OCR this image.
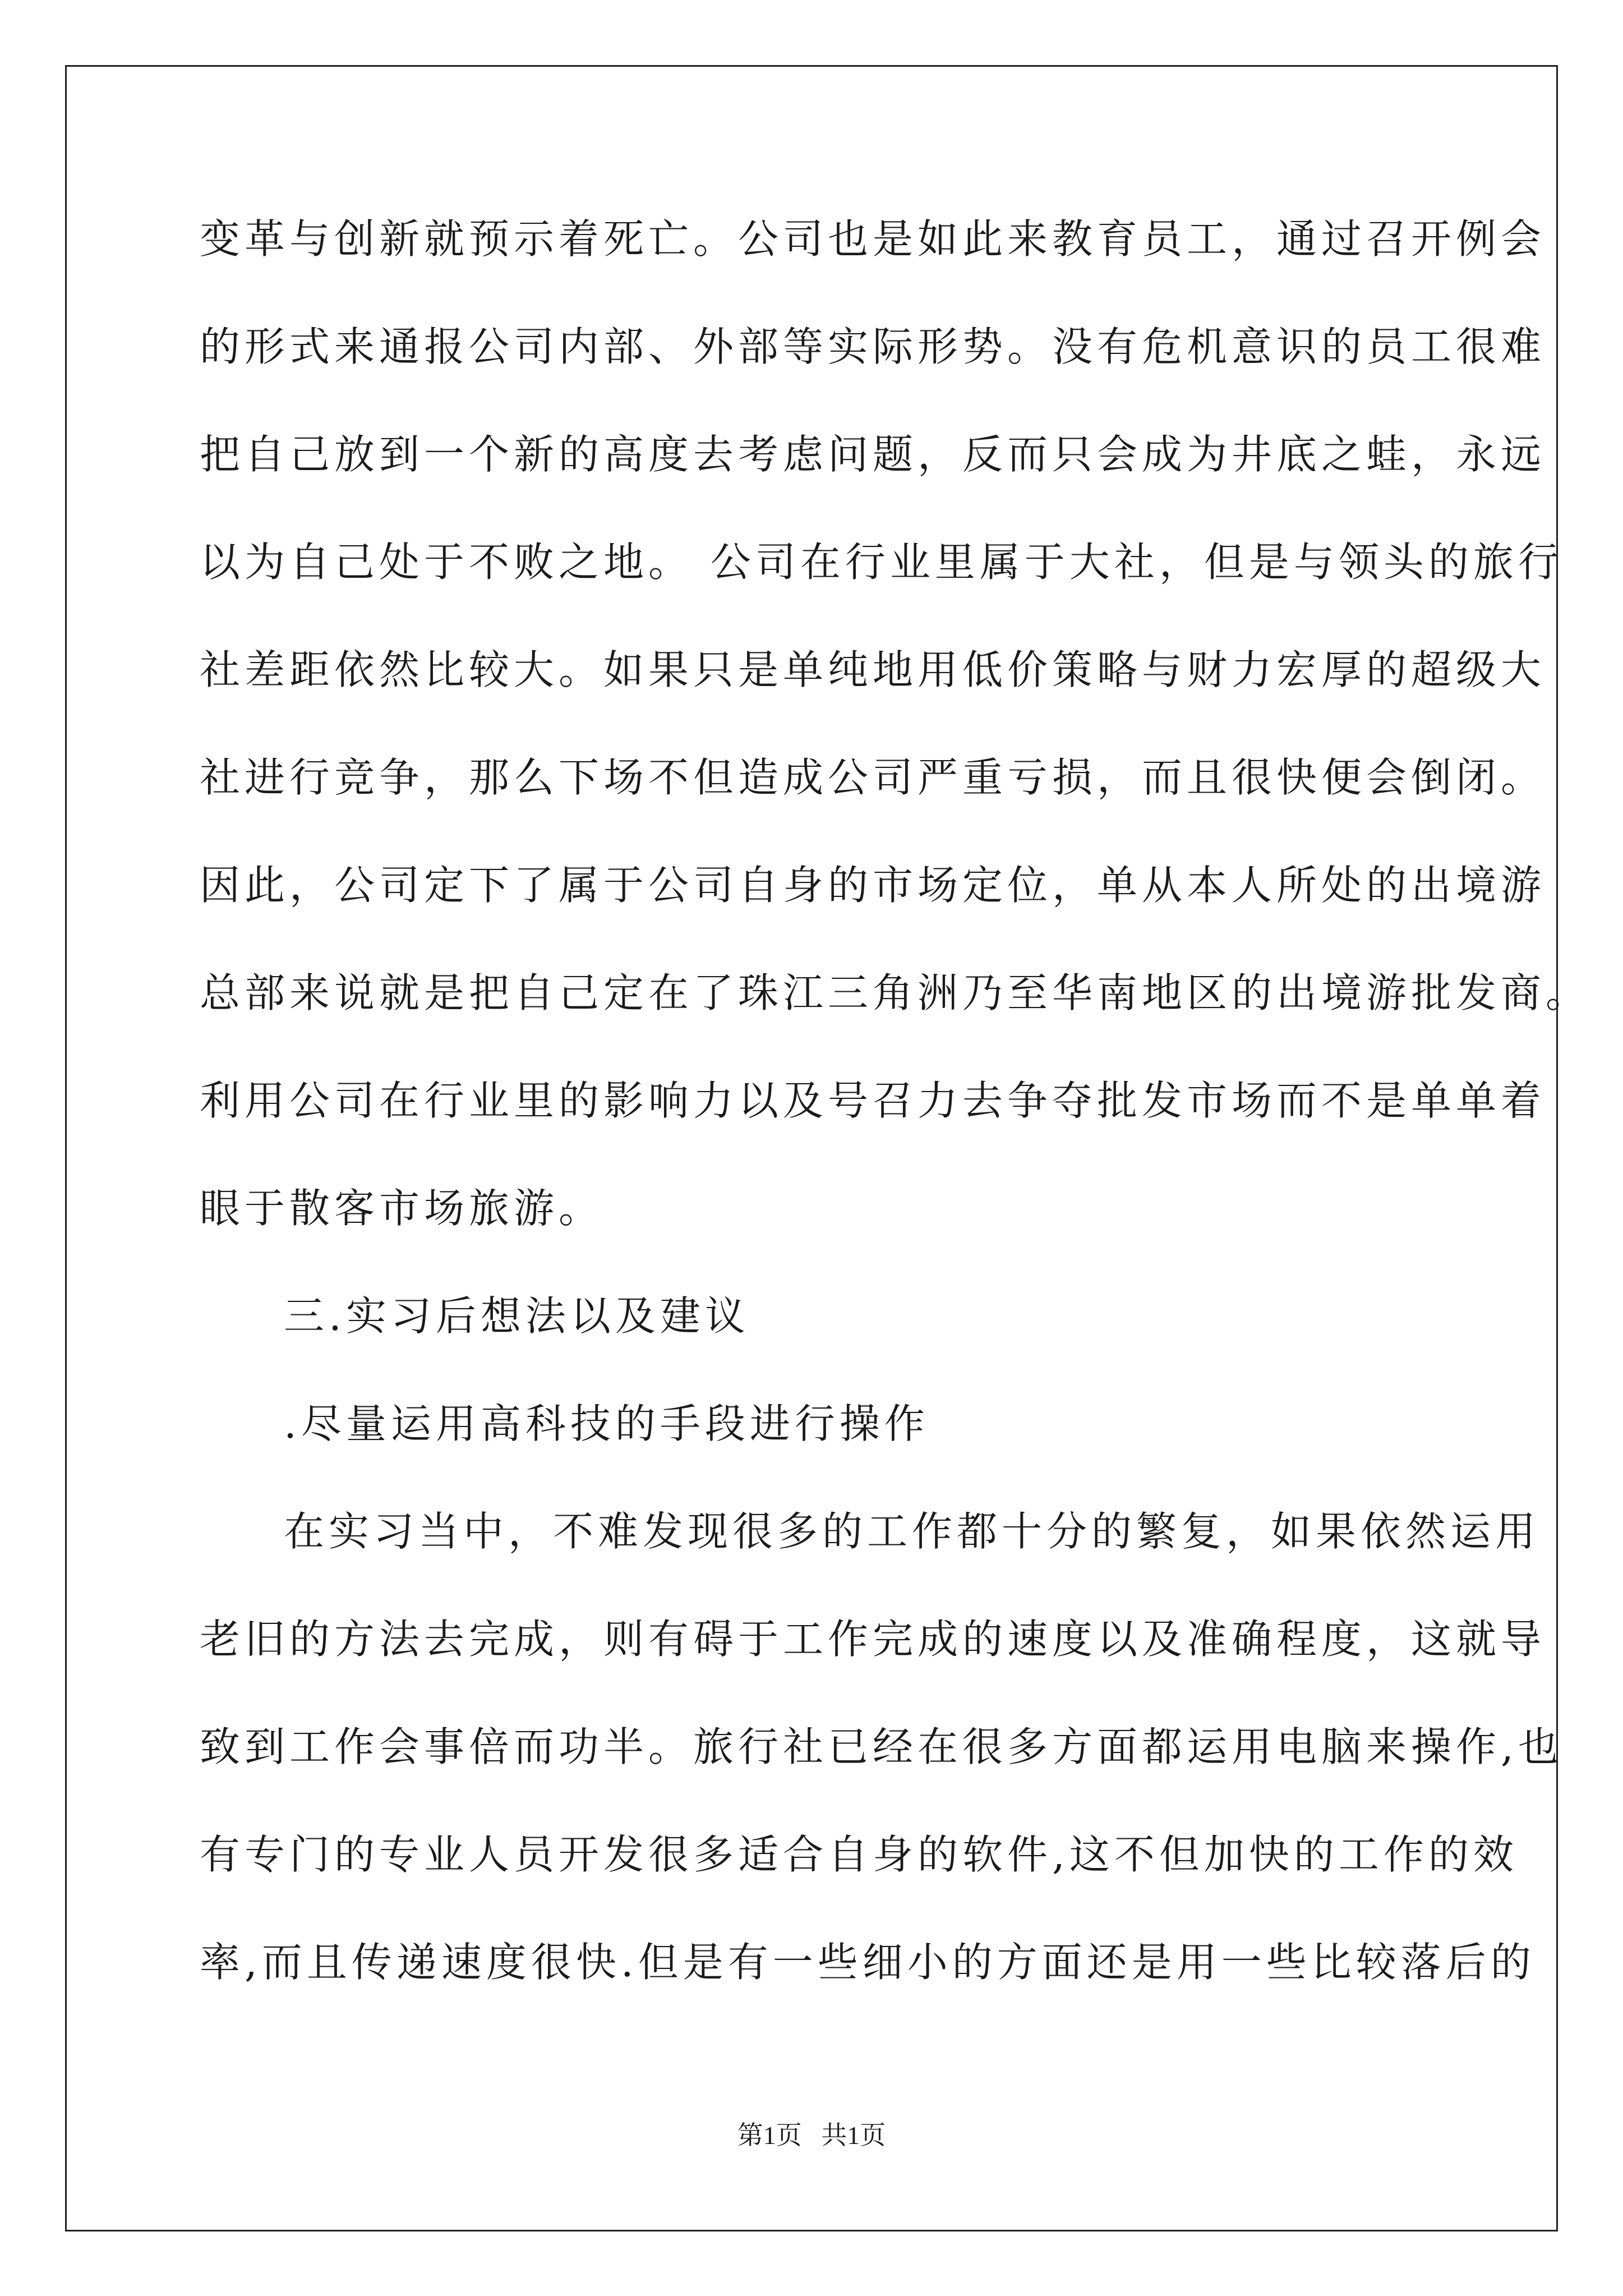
变革与创新就预示着死亡。公司也是如此来教育员工，通过召开例会
的形式来通报公司内部、外部等实际形势。没有危机意识的员工很难
把自己放到一个新的高度去考虑问题，反而只会成为井底之蛙，永远
以为自己处于不败之地。 公司在行业里属于大社，但是与领头的旅行
社差距依然比较大。如果只是单纯地用低价策略与财力宏厚的超级大
社进行竞争，那么下场不但造成公司严重亏损，而且很快便会倒闭。
因此，公司定下了属于公司自身的市场定位，单从本人所处的出境游
总部来说就是把自己定在了珠江三角洲乃至华南地区的出境游批发商。
利用公司在行业里的影响力以及号召力去争夺批发市场而不是单单着
眼于散客市场旅游。
三.实习后想法以及建议
.尽量运用高科技的手段进行操作
在实习当中，不难发现很多的工作都十分的繁复，如果依然运用
老旧的方法去完成，则有碍于工作完成的速度以及准确程度，这就导
致到工作会事倍而功半。旅行社已经在很多方面都运用电脑来操作,也
有专门的专业人员开发很多适合自身的软件,这不但加快的工作的效
率,而且传递速度很快.但是有一些细小的方面还是用一些比较落后的
第1页   共1页
